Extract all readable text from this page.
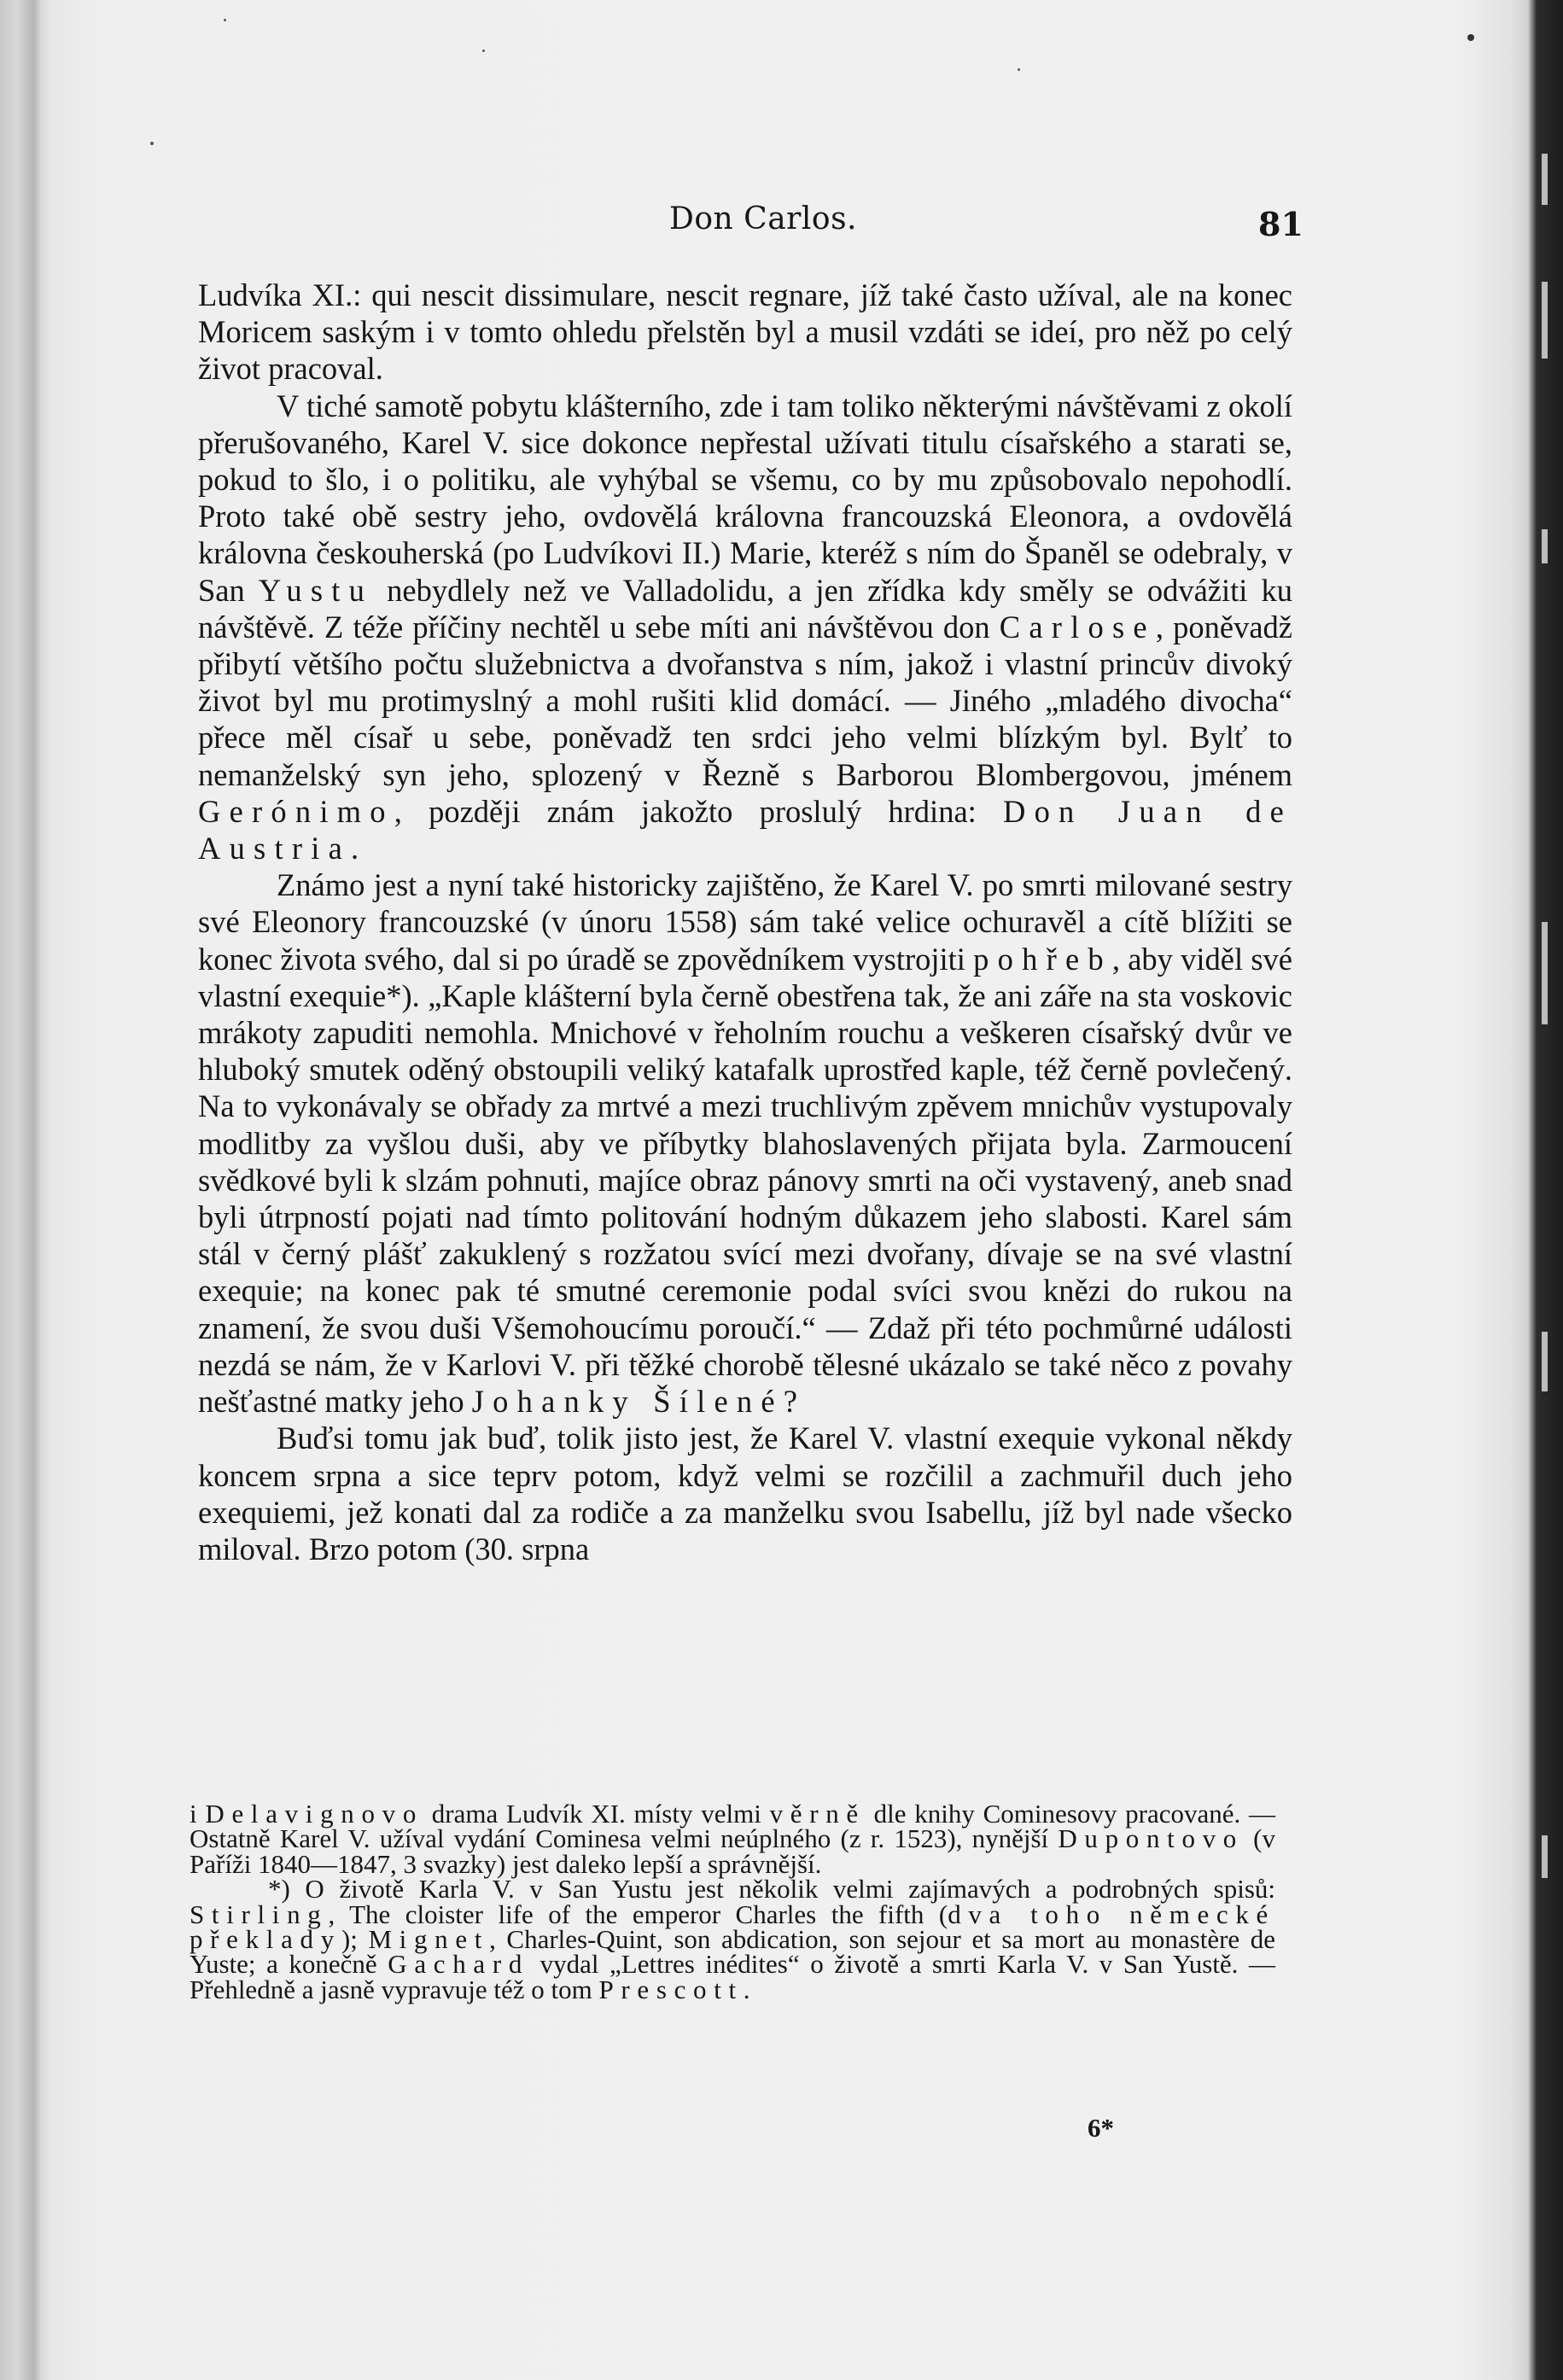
Don Carlos.	81

Ludvíka XI.: qui nescit dissimulare, nescit regnare, jíž také často užíval, ale na konec Moricem saským i v tomto ohledu přelstěn byl a musil vzdáti se ideí, pro něž po celý život pracoval.

V tiché samotě pobytu klášterního, zde i tam toliko některými návštěvami z okolí přerušovaného, Karel V. sice dokonce nepřestal užívati titulu císařského a starati se, pokud to šlo, i o politiku, ale vyhýbal se všemu, co by mu způsobovalo nepohodlí. Proto také obě sestry jeho, ovdovělá královna francouzská Eleonora, a ovdovělá královna českouherská (po Ludvíkovi II.) Marie, kteréž s ním do Španěl se odebraly, v San Yustu nebydlely než ve Valladolidu, a jen zřídka kdy směly se odvážiti ku návštěvě. Z téže příčiny nechtěl u sebe míti ani návštěvou don Carlose, poněvadž přibytí většího počtu služebnictva a dvořanstva s ním, jakož i vlastní princův divoký život byl mu protimyslný a mohl rušiti klid domácí. — Jiného „mladého divocha“ přece měl císař u sebe, poněvadž ten srdci jeho velmi blízkým byl. Bylť to nemanželský syn jeho, splozený v Řezně s Barborou Blombergovou, jménem Gerónimo, později znám jakožto proslulý hrdina: Don Juan de Austria.

Známo jest a nyní také historicky zajištěno, že Karel V. po smrti milované sestry své Eleonory francouzské (v únoru 1558) sám také velice ochuravěl a cítě blížiti se konec života svého, dal si po úradě se zpovědníkem vystrojiti pohřeb, aby viděl své vlastní exequie*). „Kaple klášterní byla černě obestřena tak, že ani záře na sta voskovic mrákoty zapuditi nemohla. Mnichové v řeholním rouchu a veškeren císařský dvůr ve hluboký smutek oděný obstoupili veliký katafalk uprostřed kaple, též černě povlečený. Na to vykonávaly se obřady za mrtvé a mezi truchlivým zpěvem mnichův vystupovaly modlitby za vyšlou duši, aby ve příbytky blahoslavených přijata byla. Zarmoucení svědkové byli k slzám pohnuti, majíce obraz pánovy smrti na oči vystavený, aneb snad byli útrpností pojati nad tímto politování hodným důkazem jeho slabosti. Karel sám stál v černý plášť zakuklený s rozžatou svící mezi dvořany, dívaje se na své vlastní exequie; na konec pak té smutné ceremonie podal svíci svou knězi do rukou na znamení, že svou duši Všemohoucímu poroučí.“ — Zdaž při této pochmůrné události nezdá se nám, že v Karlovi V. při těžké chorobě tělesné ukázalo se také něco z povahy nešťastné matky jeho Johanky Šílené?

Buďsi tomu jak buď, tolik jisto jest, že Karel V. vlastní exequie vykonal někdy koncem srpna a sice teprv potom, když velmi se rozčilil a zachmuřil duch jeho exequiemi, jež konati dal za rodiče a za manželku svou Isabellu, jíž byl nade všecko miloval. Brzo potom (30. srpna

i Delavignovo drama Ludvík XI. místy velmi věrně dle knihy Cominesovy pracované. — Ostatně Karel V. užíval vydání Cominesa velmi neúplného (z r. 1523), nynější Dupontovo (v Paříži 1840—1847, 3 svazky) jest daleko lepší a správnější.

*) O životě Karla V. v San Yustu jest několik velmi zajímavých a podrobných spisů: Stirling, The cloister life of the emperor Charles the fifth (dva toho německé překlady); Mignet, Charles-Quint, son abdication, son sejour et sa mort au monastère de Yuste; a konečně Gachard vydal „Lettres inédites“ o životě a smrti Karla V. v San Yustě. — Přehledně a jasně vypravuje též o tom Prescott.

6*
